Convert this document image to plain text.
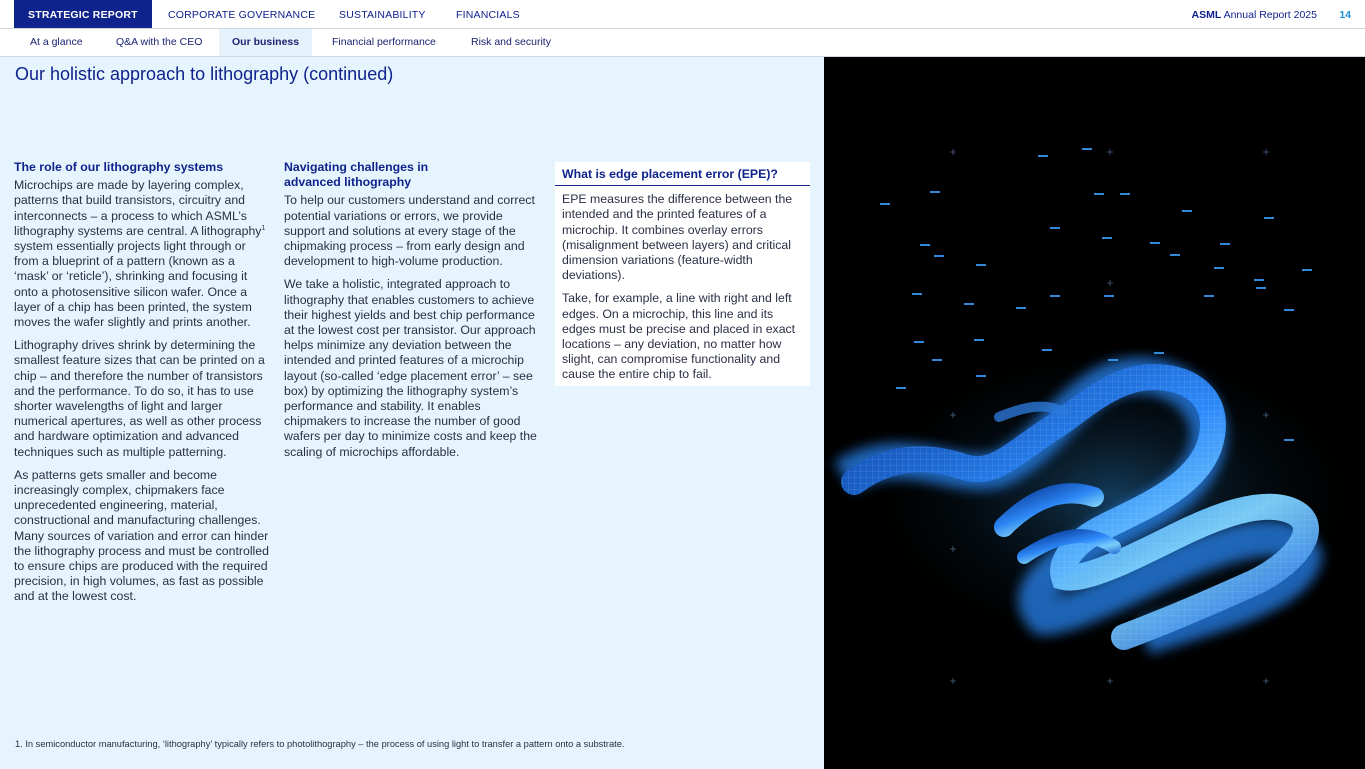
STRATEGIC REPORT	CORPORATE GOVERNANCE SUSTAINABILITY	FINANCIALS	ASML Annual Report 2025 14
At a glance	Q&A with the CEO	Our business	Financial performance	Risk and security
Our holistic approach to lithography (continued)
The role of our lithography systems

Microchips are made by layering complex, patterns that build transistors, circuitry and interconnects – a process to which ASML’s lithography systems are central. A lithography$^1$ system essentially projects light through or from a blueprint of a pattern (known as a ‘mask’ or ‘reticle’), shrinking and focusing it onto a photosensitive silicon wafer. Once a layer of a chip has been printed, the system moves the wafer slightly and prints another.

Lithography drives shrink by determining the smallest feature sizes that can be printed on a chip – and therefore the number of transistors and the performance. To do so, it has to use shorter wavelengths of light and larger numerical apertures, as well as other process and hardware optimization and advanced techniques such as multiple patterning.

As patterns gets smaller and become increasingly complex, chipmakers face unprecedented engineering, material, constructional and manufacturing challenges. Many sources of variation and error can hinder the lithography process and must be controlled to ensure chips are produced with the required precision, in high volumes, as fast as possible and at the lowest cost.

Navigating challenges in advanced lithography

To help our customers understand and correct potential variations or errors, we provide support and solutions at every stage of the chipmaking process – from early design and development to high-volume production.

We take a holistic, integrated approach to lithography that enables customers to achieve their highest yields and best chip performance at the lowest cost per transistor. Our approach helps minimize any deviation between the intended and printed features of a microchip layout (so-called ‘edge placement error’ – see box) by optimizing the lithography system’s performance and stability. It enables chipmakers to increase the number of good wafers per day to minimize costs and keep the scaling of microchips affordable.

What is edge placement error (EPE)?

EPE measures the difference between the intended and the printed features of a microchip. It combines overlay errors (misalignment between layers) and critical dimension variations (feature-width deviations).

Take, for example, a line with right and left edges. On a microchip, this line and its edges must be precise and placed in exact locations – any deviation, no matter how slight, can compromise functionality and cause the entire chip to fail.

1. In semiconductor manufacturing, ‘lithography’ typically refers to photolithography – the process of using light to transfer a pattern onto a substrate.
